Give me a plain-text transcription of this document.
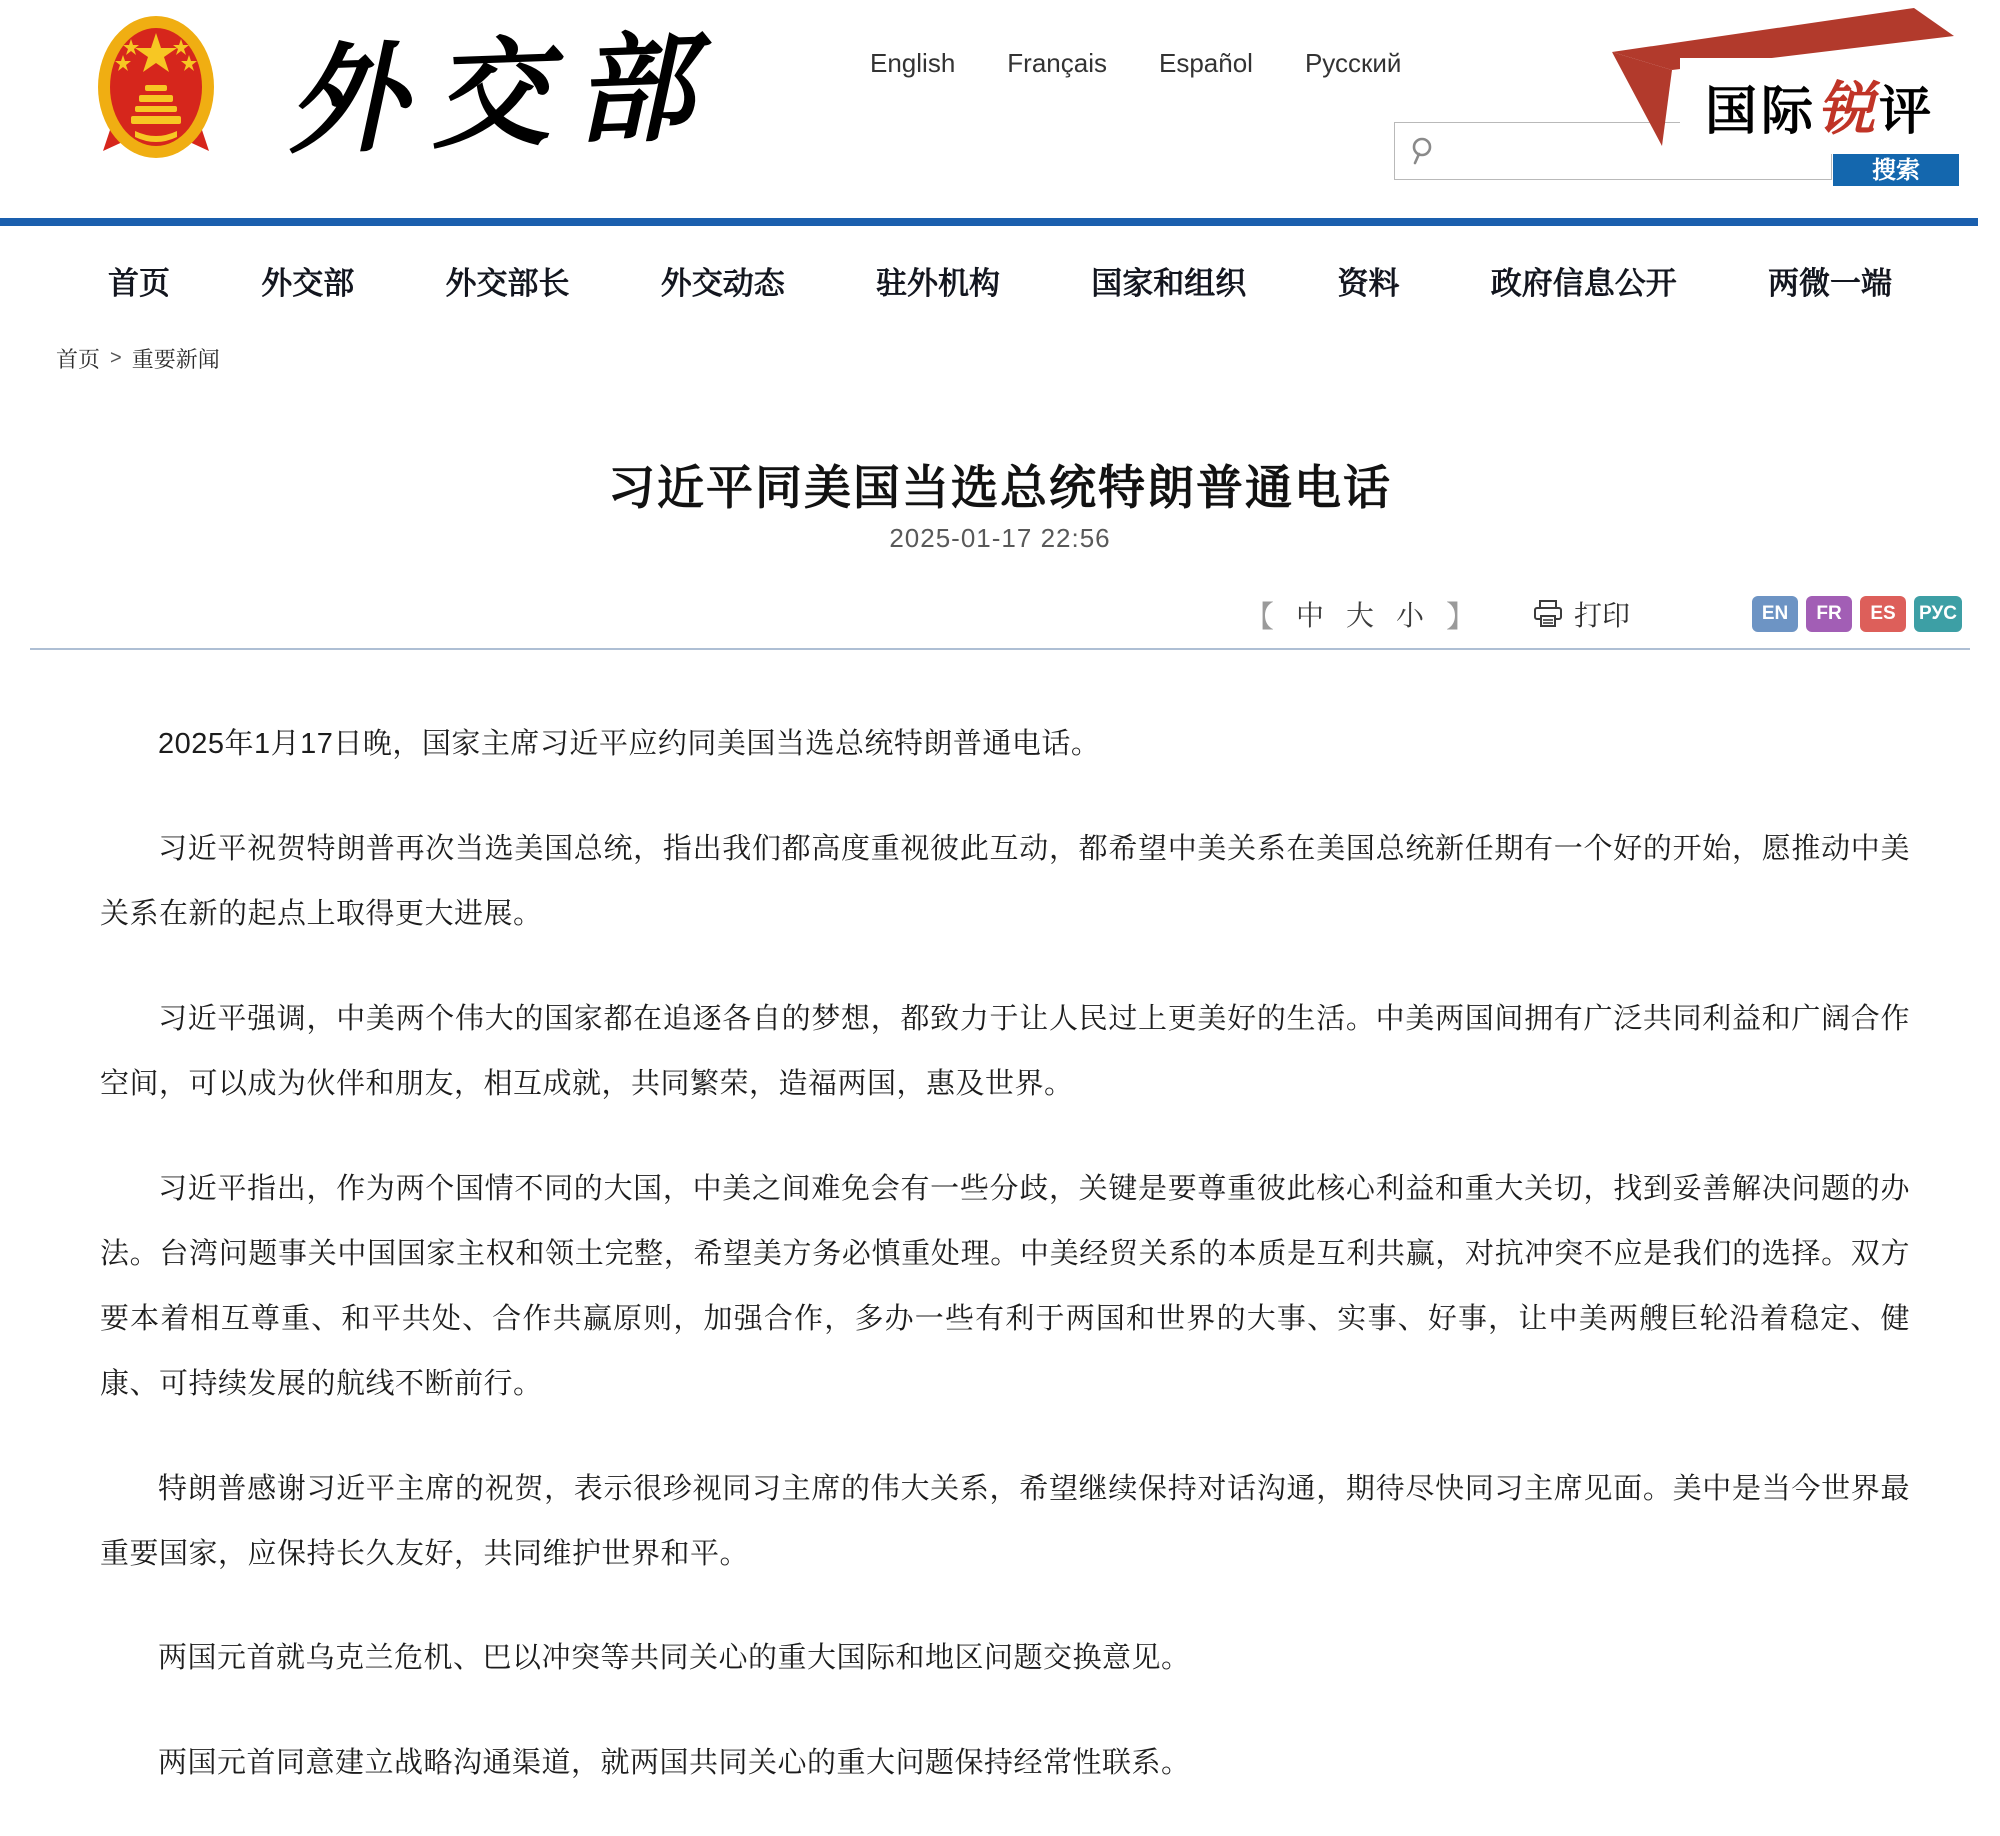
外交部	English Français Español Русский
搜索
国际锐评
首页	外交部	外交部长	外交动态	驻外机构	国家和组织	资料	政府信息公开	两微一端
首页 > 重要新闻
习近平同美国当选总统特朗普通电话
2025-01-17 22:56
【 中 大 小 】	打印	EN	FR	ES	РУС

2025年1月17日晚，国家主席习近平应约同美国当选总统特朗普通电话。

习近平祝贺特朗普再次当选美国总统，指出我们都高度重视彼此互动，都希望中美关系在美国总统新任期有一个好的开始，愿推动中美关系在新的起点上取得更大进展。

习近平强调，中美两个伟大的国家都在追逐各自的梦想，都致力于让人民过上更美好的生活。中美两国间拥有广泛共同利益和广阔合作空间，可以成为伙伴和朋友，相互成就，共同繁荣，造福两国，惠及世界。

习近平指出，作为两个国情不同的大国，中美之间难免会有一些分歧，关键是要尊重彼此核心利益和重大关切，找到妥善解决问题的办法。台湾问题事关中国国家主权和领土完整，希望美方务必慎重处理。中美经贸关系的本质是互利共赢，对抗冲突不应是我们的选择。双方要本着相互尊重、和平共处、合作共赢原则，加强合作，多办一些有利于两国和世界的大事、实事、好事，让中美两艘巨轮沿着稳定、健康、可持续发展的航线不断前行。

特朗普感谢习近平主席的祝贺，表示很珍视同习主席的伟大关系，希望继续保持对话沟通，期待尽快同习主席见面。美中是当今世界最重要国家，应保持长久友好，共同维护世界和平。

两国元首就乌克兰危机、巴以冲突等共同关心的重大国际和地区问题交换意见。

两国元首同意建立战略沟通渠道，就两国共同关心的重大问题保持经常性联系。
